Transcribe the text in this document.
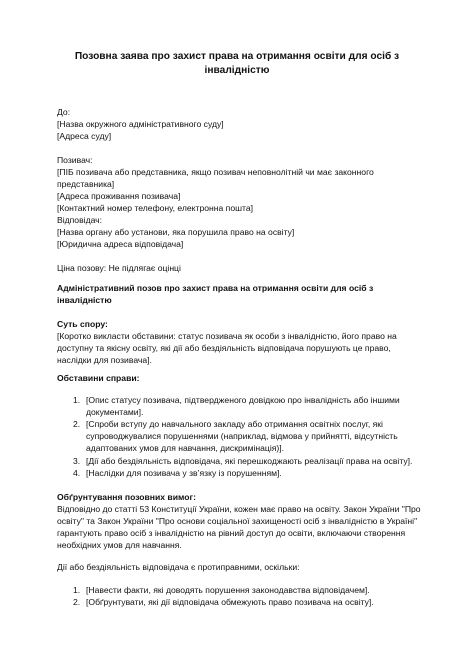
Позовна заява про захист права на отримання освіти для осіб з інвалідністю

До:

[Назва окружного адміністративного суду]

[Адреса суду]

Позивач:

[ПІБ позивача або представника, якщо позивач неповнолітній чи має законного представника]

[Адреса проживання позивача]

[Контактний номер телефону, електронна пошта]

Відповідач:

[Назва органу або установи, яка порушила право на освіту]

[Юридична адреса відповідача]

Ціна позову: Не підлягає оцінці

Адміністративний позов про захист права на отримання освіти для осіб з інвалідністю

Суть спору:

[Коротко викласти обставини: статус позивача як особи з інвалідністю, його право на доступну та якісну освіту, які дії або бездіяльність відповідача порушують це право, наслідки для позивача].

Обставини справи:

1. [Опис статусу позивача, підтвердженого довідкою про інвалідність або іншими документами].
2. [Спроби вступу до навчального закладу або отримання освітніх послуг, які супроводжувалися порушеннями (наприклад, відмова у прийнятті, відсутність адаптованих умов для навчання, дискримінація)].
3. [Дії або бездіяльність відповідача, які перешкоджають реалізації права на освіту].
4. [Наслідки для позивача у зв’язку із порушенням].

Обґрунтування позовних вимог:

Відповідно до статті 53 Конституції України, кожен має право на освіту. Закон України "Про освіту" та Закон України "Про основи соціальної захищеності осіб з інвалідністю в Україні" гарантують право осіб з інвалідністю на рівний доступ до освіти, включаючи створення необхідних умов для навчання.

Дії або бездіяльність відповідача є протиправними, оскільки:

1. [Навести факти, які доводять порушення законодавства відповідачем].
2. [Обґрунтувати, які дії відповідача обмежують право позивача на освіту].
